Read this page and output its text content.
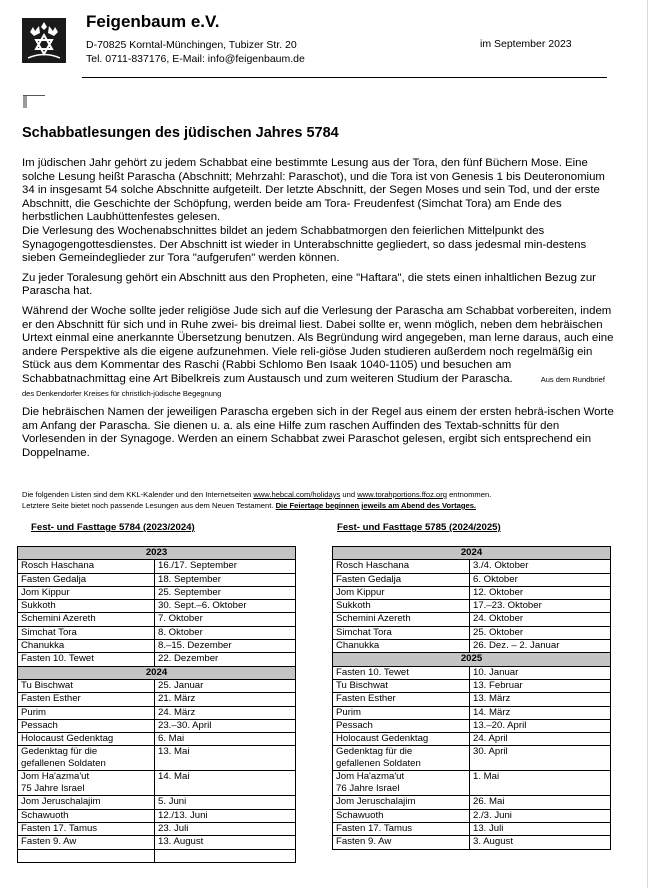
Feigenbaum e.V.
D-70825 Korntal-Münchingen, Tubizer Str. 20
Tel. 0711-837176, E-Mail: info@feigenbaum.de
im September 2023
Schabbatlesungen des jüdischen Jahres 5784

Im jüdischen Jahr gehört zu jedem Schabbat eine bestimmte Lesung aus der Tora, den fünf Büchern Mose. Eine solche Lesung heißt Parascha (Abschnitt; Mehrzahl: Paraschot), und die Tora ist von Genesis 1 bis Deuteronomium 34 in insgesamt 54 solche Abschnitte aufgeteilt. Der letzte Abschnitt, der Segen Moses und sein Tod, und der erste Abschnitt, die Geschichte der Schöpfung, werden beide am Tora- Freudenfest (Simchat Tora) am Ende des herbstlichen Laubhüttenfestes gelesen.
Die Verlesung des Wochenabschnittes bildet an jedem Schabbatmorgen den feierlichen Mittelpunkt des Synagogengottesdienstes. Der Abschnitt ist wieder in Unterabschnitte gegliedert, so dass jedesmal min-destens sieben Gemeindeglieder zur Tora "aufgerufen" werden können.

Zu jeder Toralesung gehört ein Abschnitt aus den Propheten, eine "Haftara", die stets einen inhaltlichen Bezug zur Parascha hat.

Während der Woche sollte jeder religiöse Jude sich auf die Verlesung der Parascha am Schabbat vorbereiten, indem er den Abschnitt für sich und in Ruhe zwei- bis dreimal liest. Dabei sollte er, wenn möglich, neben dem hebräischen Urtext einmal eine anerkannte Übersetzung benutzen. Als Begründung wird angegeben, man lerne daraus, auch eine andere Perspektive als die eigene aufzunehmen. Viele reli-giöse Juden studieren außerdem noch regelmäßig ein Stück aus dem Kommentar des Raschi (Rabbi Schlomo Ben Isaak 1040-1105) und besuchen am Schabbatnachmittag eine Art Bibelkreis zum Austausch und zum weiteren Studium der Parascha.	Aus dem Rundbrief des Denkendorfer Kreises für christlich-jüdische Begegnung

Die hebräischen Namen der jeweiligen Parascha ergeben sich in der Regel aus einem der ersten hebrä-ischen Worte am Anfang der Parascha. Sie dienen u. a. als eine Hilfe zum raschen Auffinden des Textab-schnitts für den Vorlesenden in der Synagoge. Werden an einem Schabbat zwei Paraschot gelesen, ergibt sich entsprechend ein Doppelname.

Die folgenden Listen sind dem KKL-Kalender und den Internetseiten www.hebcal.com/holidays und www.torahportions.ffoz.org entnommen.
Letztere Seite bietet noch passende Lesungen aus dem Neuen Testament. Die Feiertage beginnen jeweils am Abend des Vortages.
Fest- und Fasttage 5784 (2023/2024)	Fest- und Fasttage 5785 (2024/2025)
2023	
Rosch Haschana	16./17. September
Fasten Gedalja	18. September
Jom Kippur	25. September
Sukkoth	30. Sept.–6. Oktober
Schemini Azereth	7. Oktober
Simchat Tora	8. Oktober
Chanukka	8.–15. Dezember
Fasten 10. Tewet	22. Dezember
2024	
Tu Bischwat	25. Januar
Fasten Esther	21. März
Purim	24. März
Pessach	23.–30. April
Holocaust Gedenktag	6. Mai
Gedenktag für die
gefallenen Soldaten	13. Mai
Jom Ha'azma'ut
75 Jahre Israel	14. Mai
Jom Jeruschalajim	5. Juni
Schawuoth	12./13. Juni
Fasten 17. Tamus	23. Juli
Fasten 9. Aw	13. August

2024	
Rosch Haschana	3./4. Oktober
Fasten Gedalja	6. Oktober
Jom Kippur	12. Oktober
Sukkoth	17.–23. Oktober
Schemini Azereth	24. Oktober
Simchat Tora	25. Oktober
Chanukka	26. Dez. – 2. Januar
2025	
Fasten 10. Tewet	10. Januar
Tu Bischwat	13. Februar
Fasten Esther	13. März
Purim	14. März
Pessach	13.–20. April
Holocaust Gedenktag	24. April
Gedenktag für die
gefallenen Soldaten	30. April
Jom Ha'azma'ut
76 Jahre Israel	1. Mai
Jom Jeruschalajim	26. Mai
Schawuoth	2./3. Juni
Fasten 17. Tamus	13. Juli
Fasten 9. Aw	3. August
